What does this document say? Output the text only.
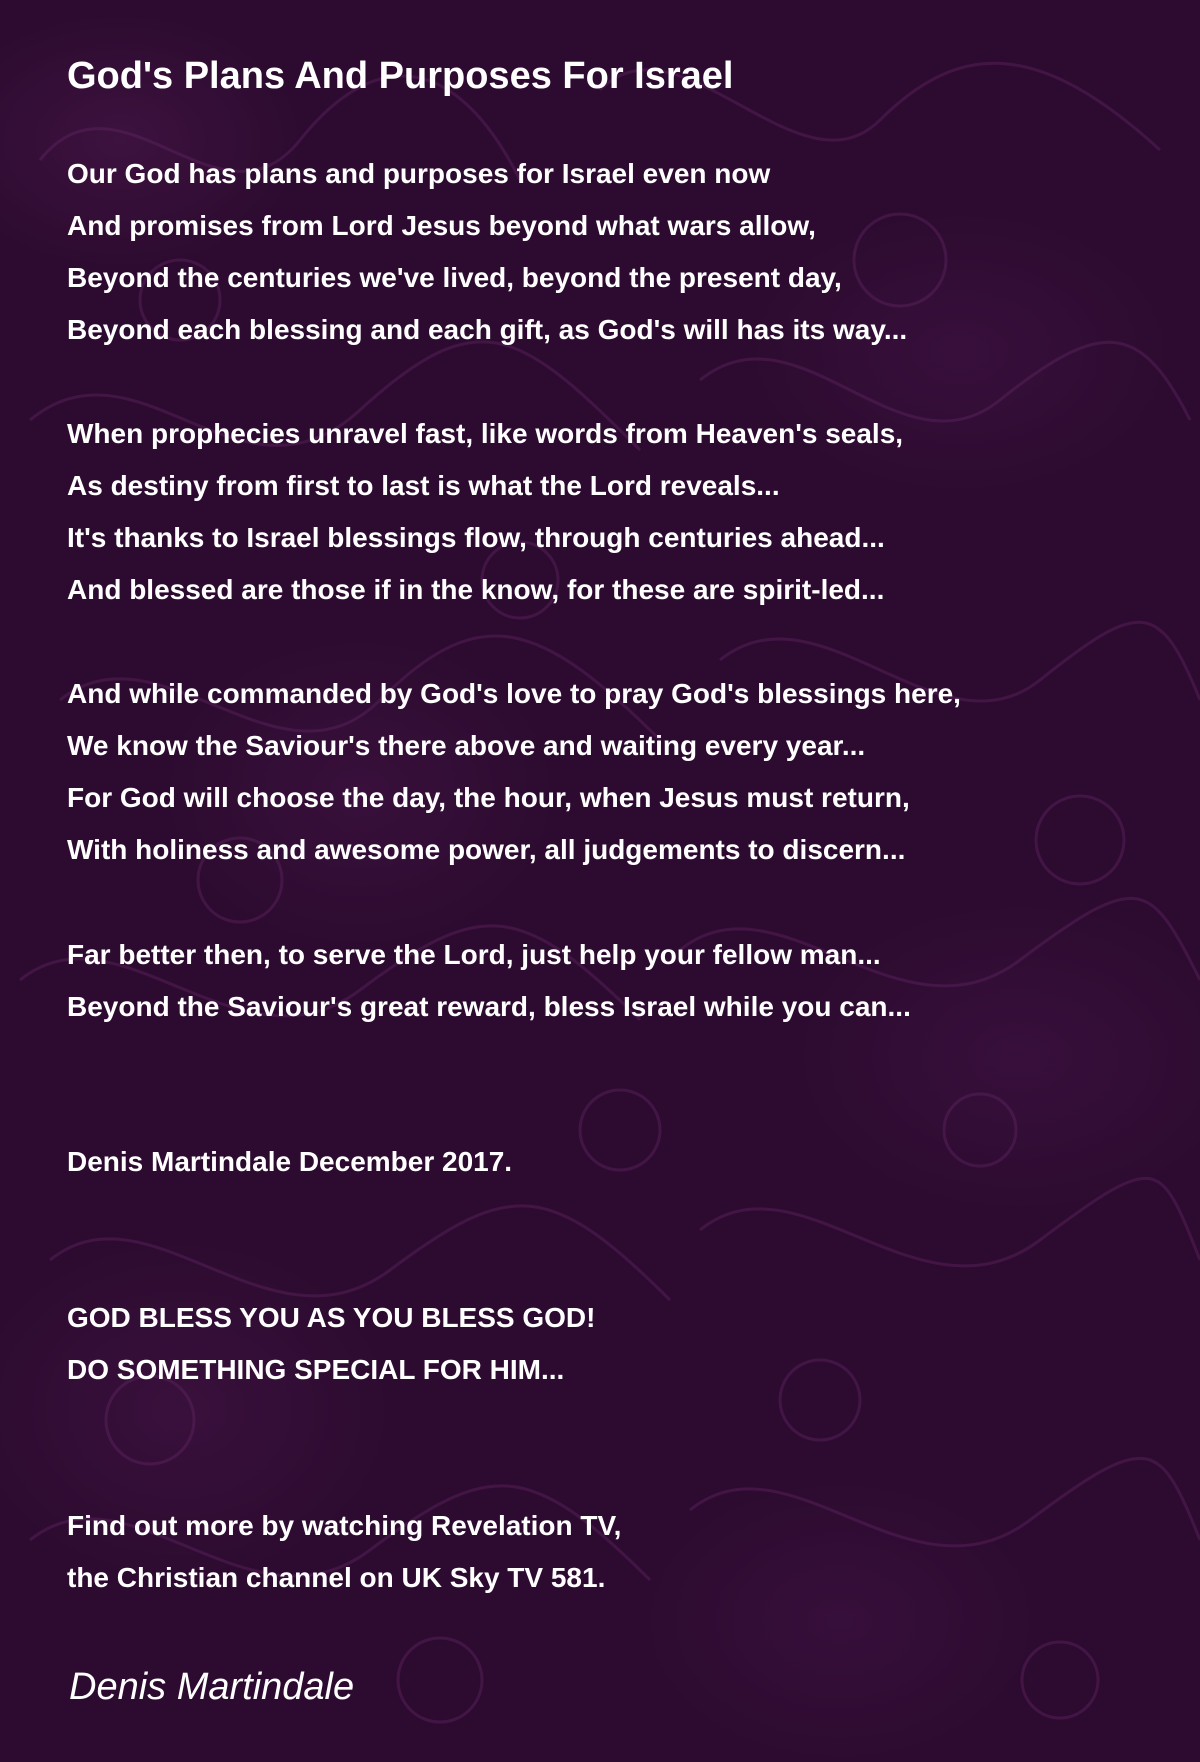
God's Plans And Purposes For Israel
Our God has plans and purposes for Israel even now
And promises from Lord Jesus beyond what wars allow,
Beyond the centuries we've lived, beyond the present day,
Beyond each blessing and each gift, as God's will has its way...
When prophecies unravel fast, like words from Heaven's seals,
As destiny from first to last is what the Lord reveals...
It's thanks to Israel blessings flow, through centuries ahead...
And blessed are those if in the know, for these are spirit-led...
And while commanded by God's love to pray God's blessings here,
We know the Saviour's there above and waiting every year...
For God will choose the day, the hour, when Jesus must return,
With holiness and awesome power, all judgements to discern...
Far better then, to serve the Lord, just help your fellow man...
Beyond the Saviour's great reward, bless Israel while you can...
Denis Martindale December 2017.
GOD BLESS YOU AS YOU BLESS GOD!
DO SOMETHING SPECIAL FOR HIM...
Find out more by watching Revelation TV,
the Christian channel on UK Sky TV 581.
Denis Martindale
